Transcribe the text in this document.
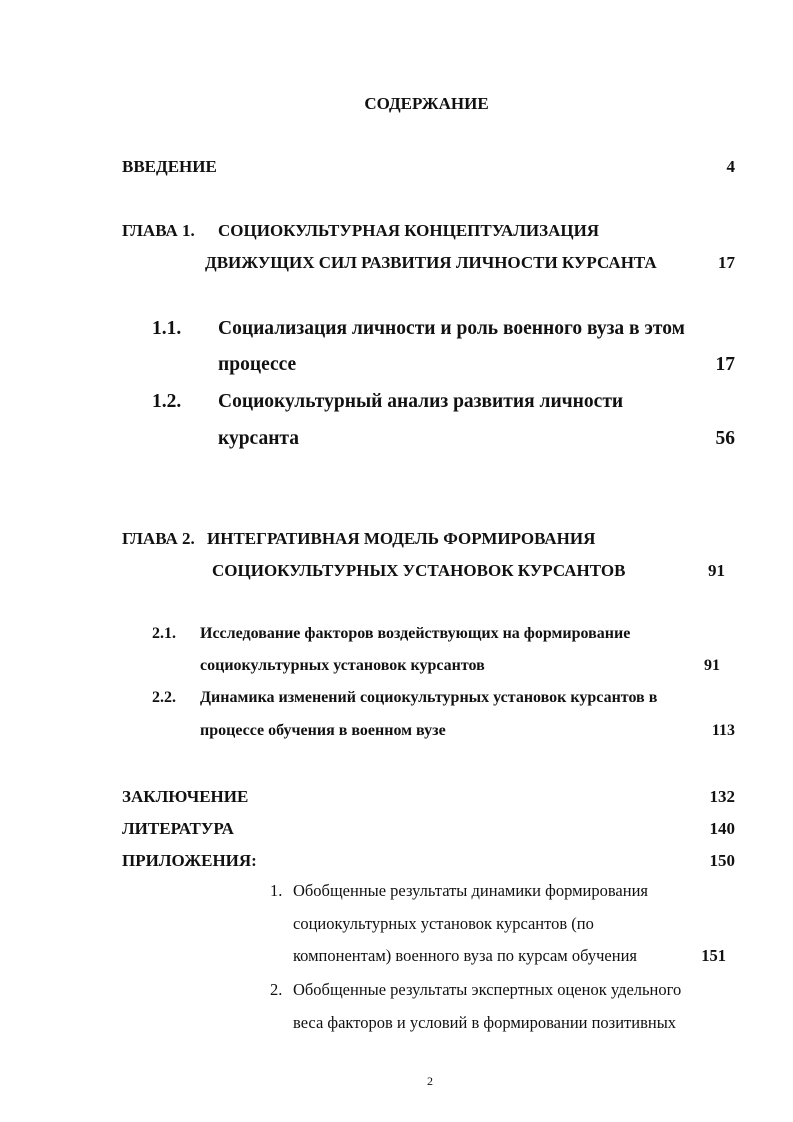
СОДЕРЖАНИЕ
ВВЕДЕНИЕ	4
ГЛАВА 1. СОЦИОКУЛЬТУРНАЯ КОНЦЕПТУАЛИЗАЦИЯ
ДВИЖУЩИХ СИЛ РАЗВИТИЯ ЛИЧНОСТИ КУРСАНТА	17
1.1. Социализация личности и роль военного вуза в этом
процессе	17
1.2. Социокультурный анализ развития личности
курсанта	56
ГЛАВА 2. ИНТЕГРАТИВНАЯ МОДЕЛЬ ФОРМИРОВАНИЯ
СОЦИОКУЛЬТУРНЫХ УСТАНОВОК КУРСАНТОВ	91
2.1. Исследование факторов воздействующих на формирование
социокультурных установок курсантов	91
2.2. Динамика изменений социокультурных установок курсантов в
процессе обучения в военном вузе	113
ЗАКЛЮЧЕНИЕ	132
ЛИТЕРАТУРА	140
ПРИЛОЖЕНИЯ:	150
1. Обобщенные результаты динамики формирования
социокультурных установок курсантов (по
компонентам) военного вуза по курсам обучения	151
2. Обобщенные результаты экспертных оценок удельного
веса факторов и условий в формировании позитивных
2
